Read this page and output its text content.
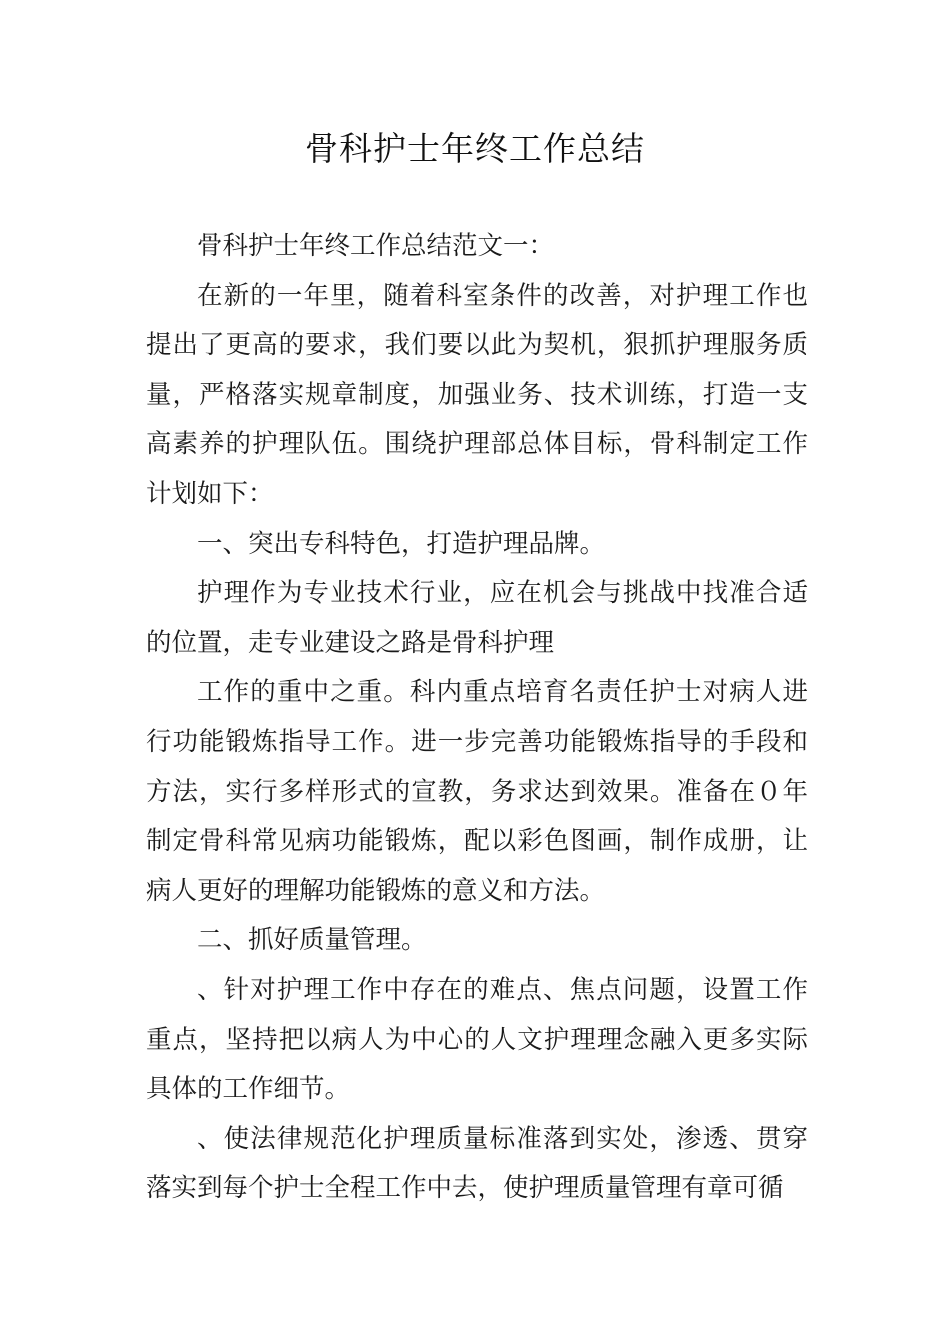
骨科护士年终工作总结

骨科护士年终工作总结范文一：

在新的一年里，随着科室条件的改善，对护理工作也提出了更高的要求，我们要以此为契机，狠抓护理服务质量，严格落实规章制度，加强业务、技术训练，打造一支高素养的护理队伍。围绕护理部总体目标，骨科制定工作计划如下：

一、突出专科特色，打造护理品牌。

护理作为专业技术行业，应在机会与挑战中找准合适的位置，走专业建设之路是骨科护理

工作的重中之重。科内重点培育名责任护士对病人进行功能锻炼指导工作。进一步完善功能锻炼指导的手段和方法，实行多样形式的宣教，务求达到效果。准备在０年制定骨科常见病功能锻炼，配以彩色图画，制作成册，让病人更好的理解功能锻炼的意义和方法。

二、抓好质量管理。

、针对护理工作中存在的难点、焦点问题，设置工作重点，坚持把以病人为中心的人文护理理念融入更多实际具体的工作细节。

、使法律规范化护理质量标准落到实处，渗透、贯穿落实到每个护士全程工作中去，使护理质量管理有章可循
